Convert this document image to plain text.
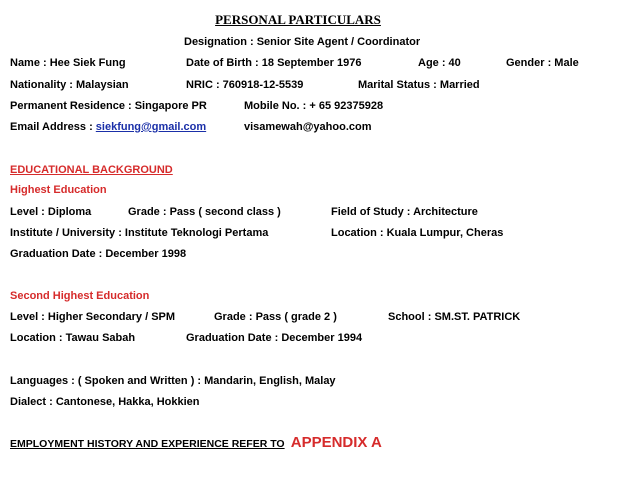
PERSONAL PARTICULARS
Designation : Senior Site Agent / Coordinator
Name : Hee Siek Fung	Date of Birth : 18 September 1976	Age : 40	Gender : Male
Nationality : Malaysian	NRIC : 760918-12-5539	Marital Status : Married
Permanent Residence : Singapore PR	Mobile No. : + 65 92375928
Email Address : siekfung@gmail.com	visamewah@yahoo.com
EDUCATIONAL BACKGROUND
Highest Education
Level : Diploma	Grade : Pass ( second class )	Field of Study : Architecture
Institute / University : Institute Teknologi Pertama	Location : Kuala Lumpur, Cheras
Graduation Date : December 1998
Second Highest Education
Level : Higher Secondary / SPM	Grade : Pass ( grade 2 )	School : SM.ST. PATRICK
Location : Tawau Sabah	Graduation Date : December 1994
Languages : ( Spoken and Written ) : Mandarin, English, Malay
Dialect : Cantonese, Hakka, Hokkien
EMPLOYMENT HISTORY AND EXPERIENCE REFER TO APPENDIX A
